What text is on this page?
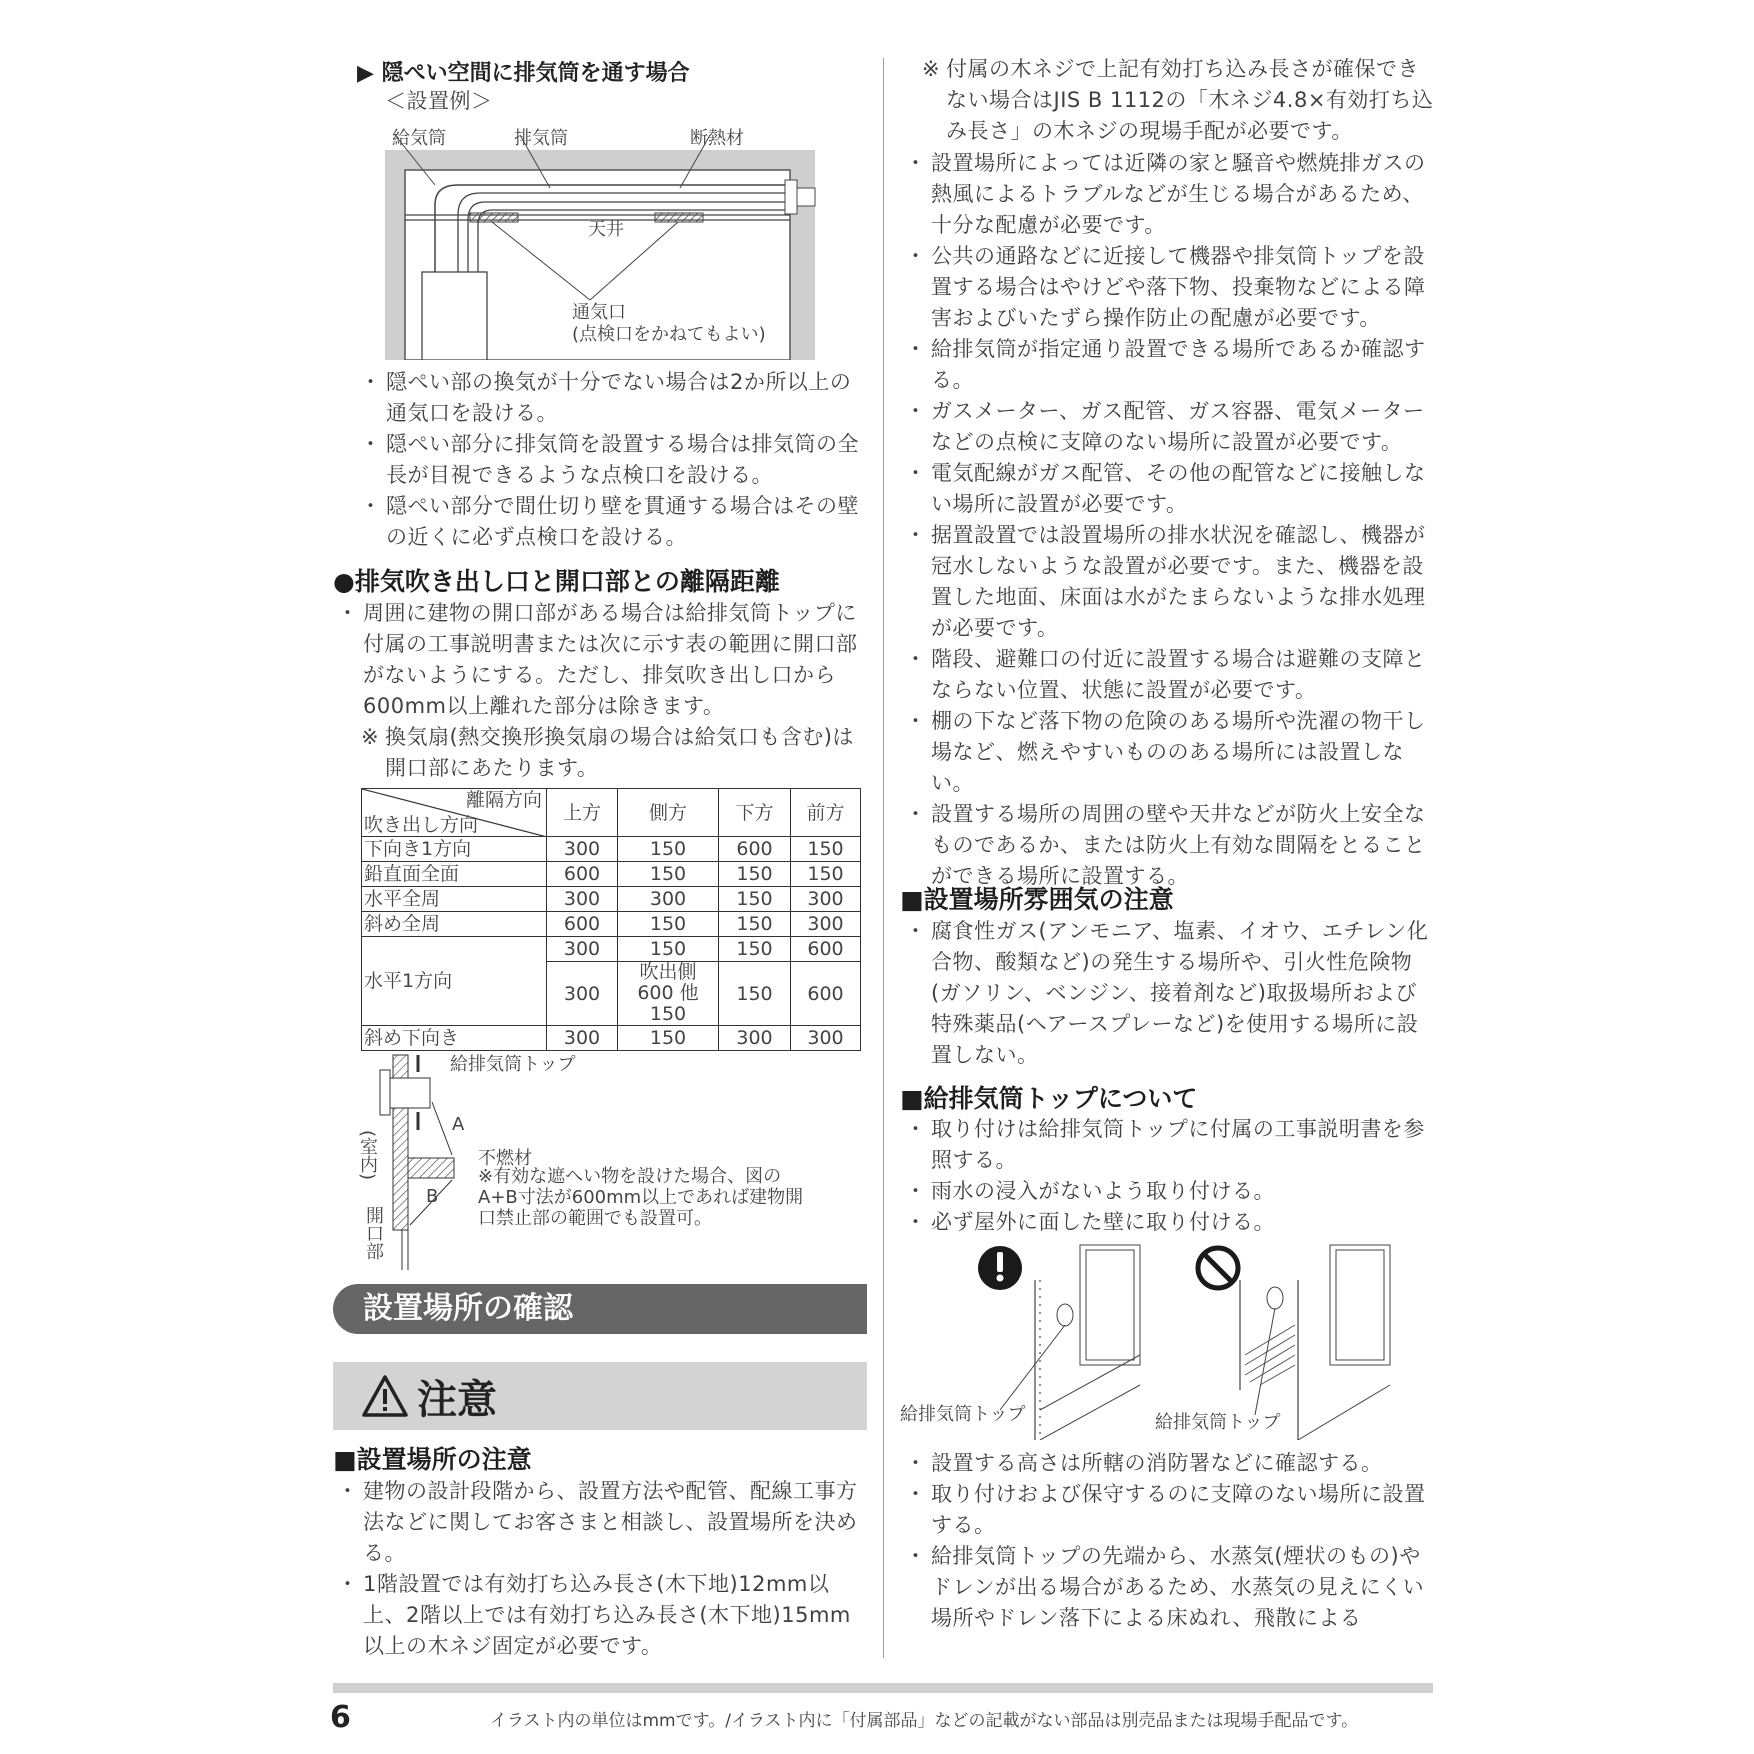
▶ 隠ぺい空間に排気筒を通す場合
＜設置例＞
給気筒	排気筒	断熱材
天井
通気口
(点検口をかねてもよい)
・ 隠ぺい部の換気が十分でない場合は2か所以上の通気口を設ける。
・ 隠ぺい部分に排気筒を設置する場合は排気筒の全長が目視できるような点検口を設ける。
・ 隠ぺい部分で間仕切り壁を貫通する場合はその壁の近くに必ず点検口を設ける。
●排気吹き出し口と開口部との離隔距離
・ 周囲に建物の開口部がある場合は給排気筒トップに付属の工事説明書または次に示す表の範囲に開口部がないようにする。ただし、排気吹き出し口から600mm以上離れた部分は除きます。
※ 換気扇(熱交換形換気扇の場合は給気口も含む)は開口部にあたります。
離隔方向
吹き出し方向	上方	側方	下方	前方
下向き1方向	300	150	600	150
鉛直面全面	600	150	150	150
水平全周	300	300	150	300
斜め全周	600	150	150	300
水平1方向	300	150	150	600
	300	吹出側600 他150	150	600
斜め下向き	300	150	300	300
給排気筒トップ
A
B
(室内)
開口部
不燃材
※有効な遮へい物を設けた場合、図のA+B寸法が600mm以上であれば建物開口禁止部の範囲でも設置可。
設置場所の確認
注意
■設置場所の注意
・ 建物の設計段階から、設置方法や配管、配線工事方法などに関してお客さまと相談し、設置場所を決める。
・ 1階設置では有効打ち込み長さ(木下地)12mm以上、2階以上では有効打ち込み長さ(木下地)15mm以上の木ネジ固定が必要です。
※ 付属の木ネジで上記有効打ち込み長さが確保できない場合はJIS B 1112の「木ネジ4.8×有効打ち込み長さ」の木ネジの現場手配が必要です。
・ 設置場所によっては近隣の家と騒音や燃焼排ガスの熱風によるトラブルなどが生じる場合があるため、十分な配慮が必要です。
・ 公共の通路などに近接して機器や排気筒トップを設置する場合はやけどや落下物、投棄物などによる障害およびいたずら操作防止の配慮が必要です。
・ 給排気筒が指定通り設置できる場所であるか確認する。
・ ガスメーター、ガス配管、ガス容器、電気メーターなどの点検に支障のない場所に設置が必要です。
・ 電気配線がガス配管、その他の配管などに接触しない場所に設置が必要です。
・ 据置設置では設置場所の排水状況を確認し、機器が冠水しないような設置が必要です。また、機器を設置した地面、床面は水がたまらないような排水処理が必要です。
・ 階段、避難口の付近に設置する場合は避難の支障とならない位置、状態に設置が必要です。
・ 棚の下など落下物の危険のある場所や洗濯の物干し場など、燃えやすいもののある場所には設置しない。
・ 設置する場所の周囲の壁や天井などが防火上安全なものであるか、または防火上有効な間隔をとることができる場所に設置する。
■設置場所雰囲気の注意
・ 腐食性ガス(アンモニア、塩素、イオウ、エチレン化合物、酸類など)の発生する場所や、引火性危険物(ガソリン、ベンジン、接着剤など)取扱場所および特殊薬品(ヘアースプレーなど)を使用する場所に設置しない。
■給排気筒トップについて
・ 取り付けは給排気筒トップに付属の工事説明書を参照する。
・ 雨水の浸入がないよう取り付ける。
・ 必ず屋外に面した壁に取り付ける。
給排気筒トップ	給排気筒トップ
・ 設置する高さは所轄の消防署などに確認する。
・ 取り付けおよび保守するのに支障のない場所に設置する。
・ 給排気筒トップの先端から、水蒸気(煙状のもの)やドレンが出る場合があるため、水蒸気の見えにくい場所やドレン落下による床ぬれ、飛散による
6	イラスト内の単位はmmです。/イラスト内に「付属部品」などの記載がない部品は別売品または現場手配品です。
